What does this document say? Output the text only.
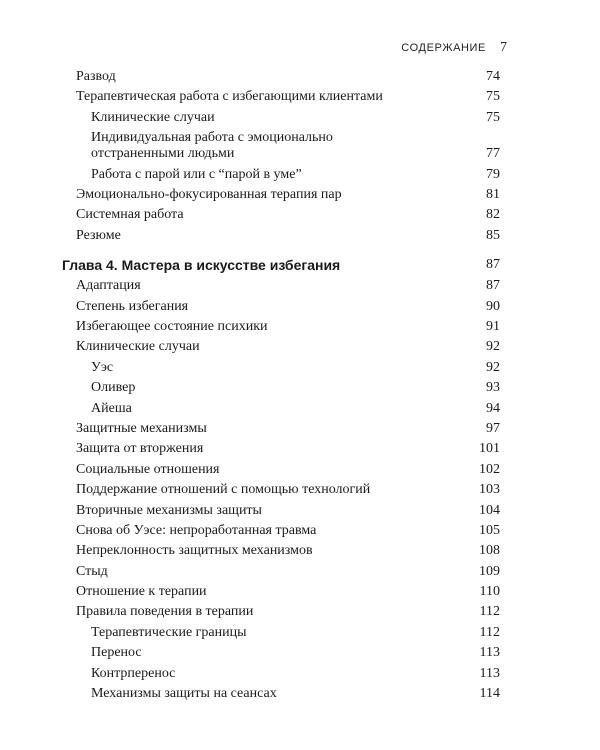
СОДЕРЖАНИЕ 7
Развод	74
Терапевтическая работа с избегающими клиентами	75
Клинические случаи	75
Индивидуальная работа с эмоционально
отстраненными людьми	77
Работа с парой или с “парой в уме”	79
Эмоционально-фокусированная терапия пар	81
Системная работа	82
Резюме	85
Глава 4. Мастера в искусстве избегания	87
Адаптация	87
Степень избегания	90
Избегающее состояние психики	91
Клинические случаи	92
Уэс	92
Оливер	93
Айеша	94
Защитные механизмы	97
Защита от вторжения	101
Социальные отношения	102
Поддержание отношений с помощью технологий	103
Вторичные механизмы защиты	104
Снова об Уэсе: непроработанная травма	105
Непреклонность защитных механизмов	108
Стыд	109
Отношение к терапии	110
Правила поведения в терапии	112
Терапевтические границы	112
Перенос	113
Контрперенос	113
Механизмы защиты на сеансах	114
